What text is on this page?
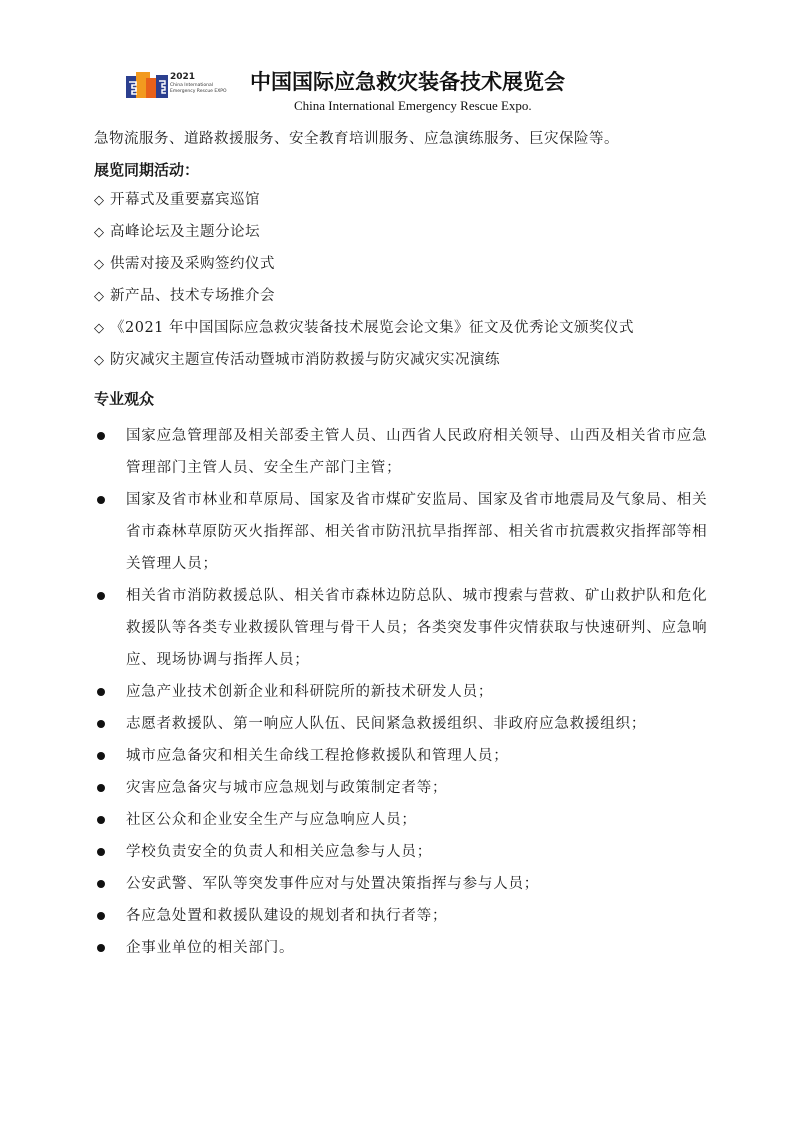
2021
China International Emergency Rescue EXPO 中国国际应急救灾装备技术展览会
China International Emergency Rescue Expo.
急物流服务、道路救援服务、安全教育培训服务、应急演练服务、巨灾保险等。
展览同期活动：
◇ 开幕式及重要嘉宾巡馆
◇ 高峰论坛及主题分论坛
◇ 供需对接及采购签约仪式
◇ 新产品、技术专场推介会
◇ 《2021 年中国国际应急救灾装备技术展览会论文集》征文及优秀论文颁奖仪式
◇ 防灾减灾主题宣传活动暨城市消防救援与防灾减灾实况演练
专业观众
国家应急管理部及相关部委主管人员、山西省人民政府相关领导、山西及相关省市应急管理部门主管人员、安全生产部门主管；
国家及省市林业和草原局、国家及省市煤矿安监局、国家及省市地震局及气象局、相关省市森林草原防灭火指挥部、相关省市防汛抗旱指挥部、相关省市抗震救灾指挥部等相关管理人员；
相关省市消防救援总队、相关省市森林边防总队、城市搜索与营救、矿山救护队和危化救援队等各类专业救援队管理与骨干人员；各类突发事件灾情获取与快速研判、应急响应、现场协调与指挥人员；
应急产业技术创新企业和科研院所的新技术研发人员；
志愿者救援队、第一响应人队伍、民间紧急救援组织、非政府应急救援组织；
城市应急备灾和相关生命线工程抢修救援队和管理人员；
灾害应急备灾与城市应急规划与政策制定者等；
社区公众和企业安全生产与应急响应人员；
学校负责安全的负责人和相关应急参与人员；
公安武警、军队等突发事件应对与处置决策指挥与参与人员；
各应急处置和救援队建设的规划者和执行者等；
企事业单位的相关部门。
